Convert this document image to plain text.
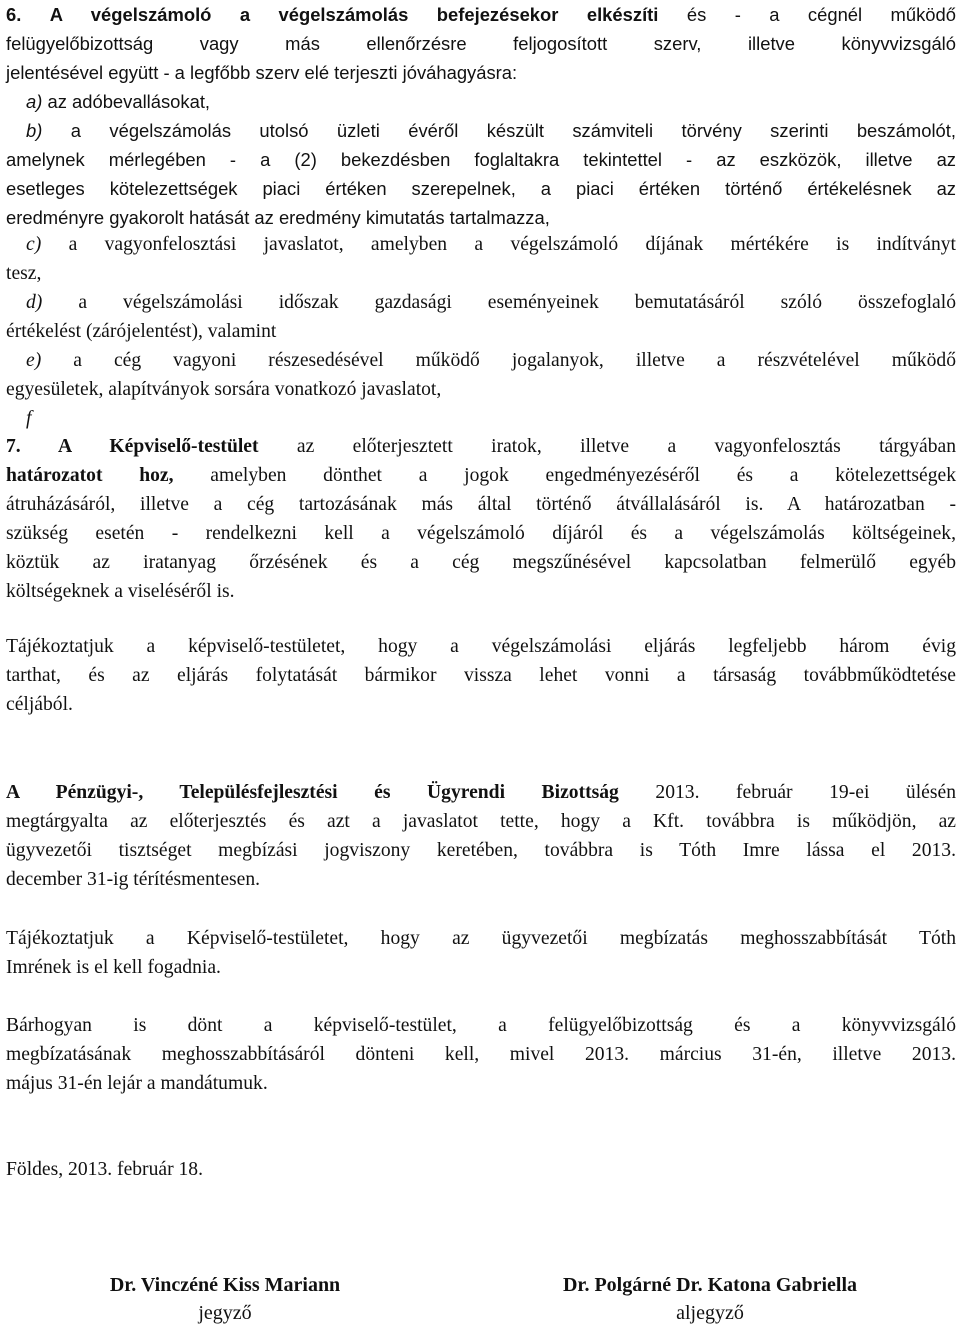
6. A végelszámoló a végelszámolás befejezésekor elkészíti és - a cégnél működő
felügyelőbizottság vagy más ellenőrzésre feljogosított szerv, illetve könyvvizsgáló
jelentésével együtt - a legfőbb szerv elé terjeszti jóváhagyásra:
a) az adóbevallásokat,
b) a végelszámolás utolsó üzleti évéről készült számviteli törvény szerinti beszámolót,
amelynek mérlegében - a (2) bekezdésben foglaltakra tekintettel - az eszközök, illetve az
esetleges kötelezettségek piaci értéken szerepelnek, a piaci értéken történő értékelésnek az
eredményre gyakorolt hatását az eredmény kimutatás tartalmazza,
c) a vagyonfelosztási javaslatot, amelyben a végelszámoló díjának mértékére is indítványt
tesz,
d) a végelszámolási időszak gazdasági eseményeinek bemutatásáról szóló összefoglaló
értékelést (zárójelentést), valamint
e) a cég vagyoni részesedésével működő jogalanyok, illetve a részvételével működő
egyesületek, alapítványok sorsára vonatkozó javaslatot,
f
7. A Képviselő-testület az előterjesztett iratok, illetve a vagyonfelosztás tárgyában
határozatot hoz, amelyben dönthet a jogok engedményezéséről és a kötelezettségek
átruházásáról, illetve a cég tartozásának más által történő átvállalásáról is. A határozatban -
szükség esetén - rendelkezni kell a végelszámoló díjáról és a végelszámolás költségeinek,
köztük az iratanyag őrzésének és a cég megszűnésével kapcsolatban felmerülő egyéb
költségeknek a viseléséről is.
Tájékoztatjuk a képviselő-testületet, hogy a végelszámolási eljárás legfeljebb három évig
tarthat, és az eljárás folytatását bármikor vissza lehet vonni a társaság továbbműködtetése
céljából.
A Pénzügyi-, Településfejlesztési és Ügyrendi Bizottság 2013. február 19-ei ülésén
megtárgyalta az előterjesztés és azt a javaslatot tette, hogy a Kft. továbbra is működjön, az
ügyvezetői tisztséget megbízási jogviszony keretében, továbbra is Tóth Imre lássa el 2013.
december 31-ig térítésmentesen.
Tájékoztatjuk a Képviselő-testületet, hogy az ügyvezetői megbízatás meghosszabbítását Tóth
Imrének is el kell fogadnia.
Bárhogyan is dönt a képviselő-testület, a felügyelőbizottság és a könyvvizsgáló
megbízatásának meghosszabbításáról dönteni kell, mivel 2013. március 31-én, illetve 2013.
május 31-én lejár a mandátumuk.
Földes, 2013. február 18.
Dr. Vinczéné Kiss Mariann
jegyző
Dr. Polgárné Dr. Katona Gabriella
aljegyző
